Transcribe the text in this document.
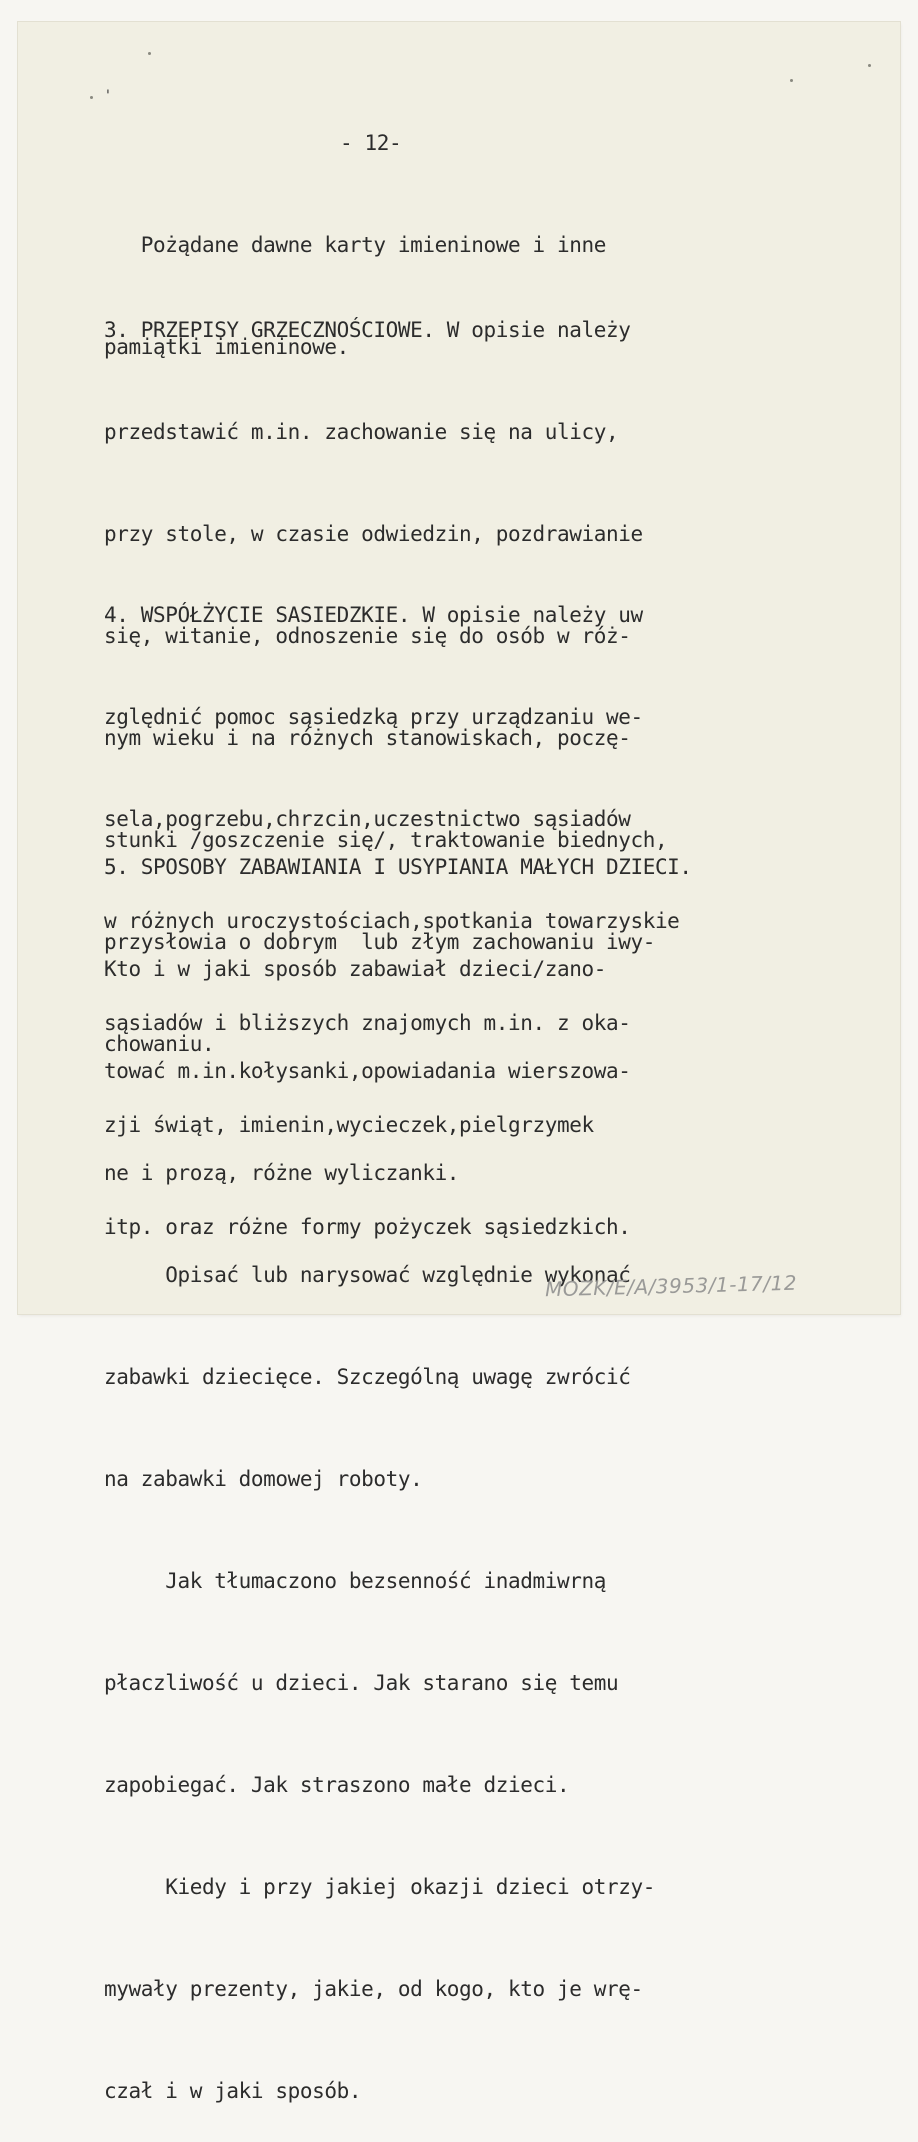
'
- 12-

Pożądane dawne karty imieninowe i inne

pamiątki imieninowe.

3. PRZEPISY GRZECZNOŚCIOWE. W opisie należy

przedstawić m.in. zachowanie się na ulicy,

przy stole, w czasie odwiedzin, pozdrawianie

się, witanie, odnoszenie się do osób w róż-

nym wieku i na różnych stanowiskach, poczę-

stunki /goszczenie się/, traktowanie biednych,

przysłowia o dobrym  lub złym zachowaniu iwy-

chowaniu.

4. WSPÓŁŻYCIE SASIEDZKIE. W opisie należy uw

zględnić pomoc sąsiedzką przy urządzaniu we-

sela,pogrzebu,chrzcin,uczestnictwo sąsiadów

w różnych uroczystościach,spotkania towarzyskie

sąsiadów i bliższych znajomych m.in. z oka-

zji świąt, imienin,wycieczek,pielgrzymek

itp. oraz różne formy pożyczek sąsiedzkich.

5. SPOSOBY ZABAWIANIA I USYPIANIA MAŁYCH DZIECI.

Kto i w jaki sposób zabawiał dzieci/zano-

tować m.in.kołysanki,opowiadania wierszowa-

ne i prozą, różne wyliczanki.

Opisać lub narysować względnie wykonać

zabawki dziecięce. Szczególną uwagę zwrócić

na zabawki domowej roboty.

Jak tłumaczono bezsenność inadmiwrną

płaczliwość u dzieci. Jak starano się temu

zapobiegać. Jak straszono małe dzieci.

Kiedy i przy jakiej okazji dzieci otrzy-

mywały prezenty, jakie, od kogo, kto je wrę-

czał i w jaki sposób.

MOZK/E/A/3953/1-17/12
